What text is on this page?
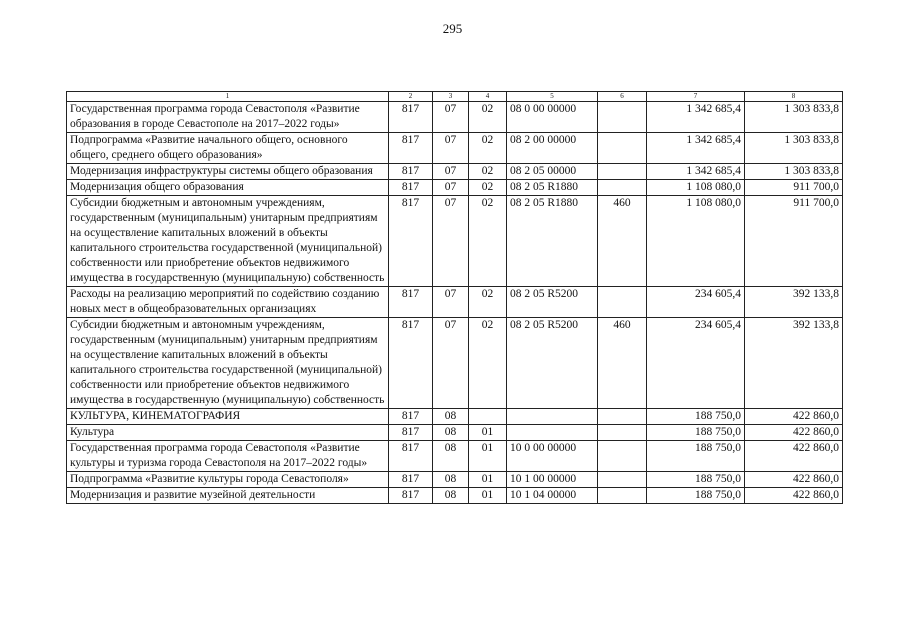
295
1	2	3	4	5	6	7	8
Государственная программа города Севастополя «Развитие образования в городе Севастополе на 2017–2022 годы»	817	07	02	08 0 00 00000		1 342 685,4	1 303 833,8
Подпрограмма «Развитие начального общего, основного общего, среднего общего образования»	817	07	02	08 2 00 00000		1 342 685,4	1 303 833,8
Модернизация инфраструктуры системы общего образования	817	07	02	08 2 05 00000		1 342 685,4	1 303 833,8
Модернизация общего образования	817	07	02	08 2 05 R1880		1 108 080,0	911 700,0
Субсидии бюджетным и автономным учреждениям, государственным (муниципальным) унитарным предприятиям на осуществление капитальных вложений в объекты капитального строительства государственной (муниципальной) собственности или приобретение объектов недвижимого имущества в государственную (муниципальную) собственность	817	07	02	08 2 05 R1880	460	1 108 080,0	911 700,0
Расходы на реализацию мероприятий по содействию созданию новых мест в общеобразовательных организациях	817	07	02	08 2 05 R5200		234 605,4	392 133,8
Субсидии бюджетным и автономным учреждениям, государственным (муниципальным) унитарным предприятиям на осуществление капитальных вложений в объекты капитального строительства государственной (муниципальной) собственности или приобретение объектов недвижимого имущества в государственную (муниципальную) собственность	817	07	02	08 2 05 R5200	460	234 605,4	392 133,8
КУЛЬТУРА, КИНЕМАТОГРАФИЯ	817	08				188 750,0	422 860,0
Культура	817	08	01			188 750,0	422 860,0
Государственная программа города Севастополя «Развитие культуры и туризма города Севастополя на 2017–2022 годы»	817	08	01	10 0 00 00000		188 750,0	422 860,0
Подпрограмма «Развитие культуры города Севастополя»	817	08	01	10 1 00 00000		188 750,0	422 860,0
Модернизация и развитие музейной деятельности	817	08	01	10 1 04 00000		188 750,0	422 860,0
